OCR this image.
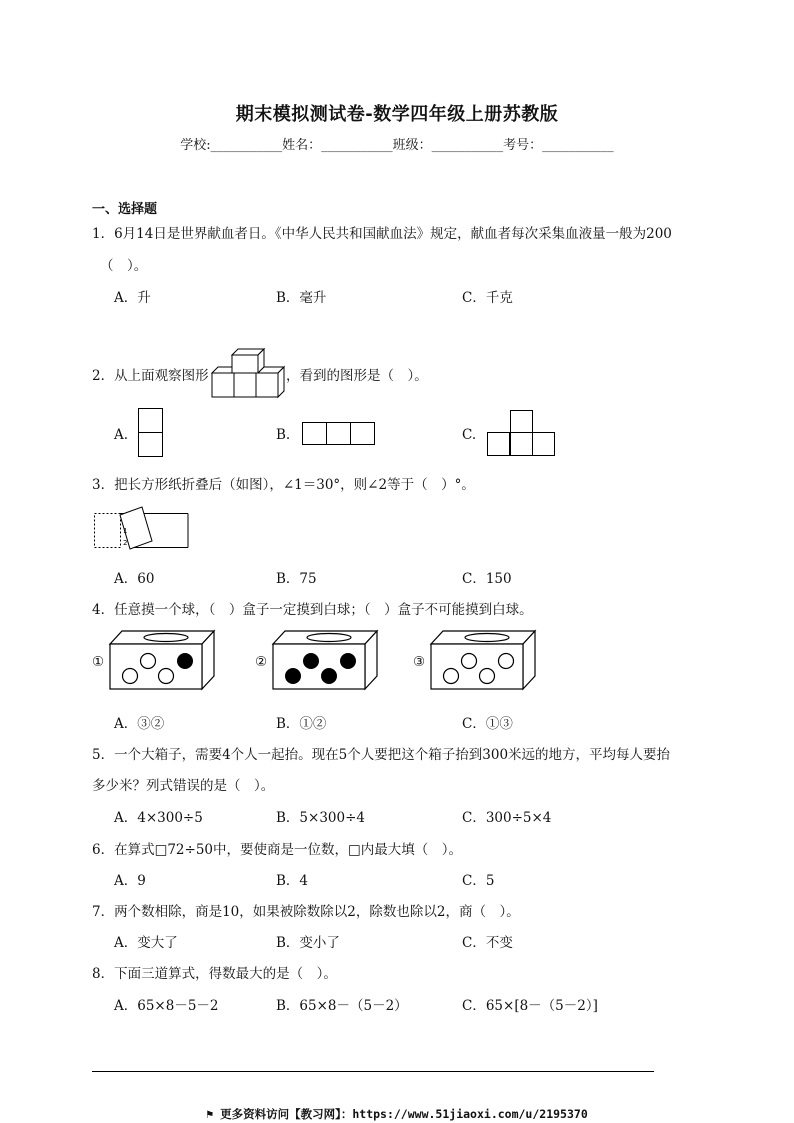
期末模拟测试卷-数学四年级上册苏教版
学校:___________姓名：___________班级：___________考号：___________
一、选择题
1．6月14日是世界献血者日。《中华人民共和国献血法》规定，献血者每次采集血液量一般为200
（　）。
A．升	B．毫升	C．千克
2．从上面观察图形	，看到的图形是（　）。
A.	B.	C.
3．把长方形纸折叠后（如图），∠1＝30°，则∠2等于（　）°。
1
2
A．60	B．75	C．150
4．任意摸一个球，（　）盒子一定摸到白球；（　）盒子不可能摸到白球。
①	②	③
A．③②	B．①②	C．①③
5．一个大箱子，需要4个人一起抬。现在5个人要把这个箱子抬到300米远的地方，平均每人要抬
多少米？列式错误的是（　）。
A．4×300÷5	B．5×300÷4	C．300÷5×4
6．在算式□72÷50中，要使商是一位数，□内最大填（　）。
A．9	B．4	C．5
7．两个数相除，商是10，如果被除数除以2，除数也除以2，商（　）。
A．变大了	B．变小了	C．不变
8．下面三道算式，得数最大的是（　）。
A．65×8－5－2	B．65×8－（5－2）	C．65×[8－（5－2）]
⚑ 更多资料访问【教习网】：https://www.51jiaoxi.com/u/2195370
